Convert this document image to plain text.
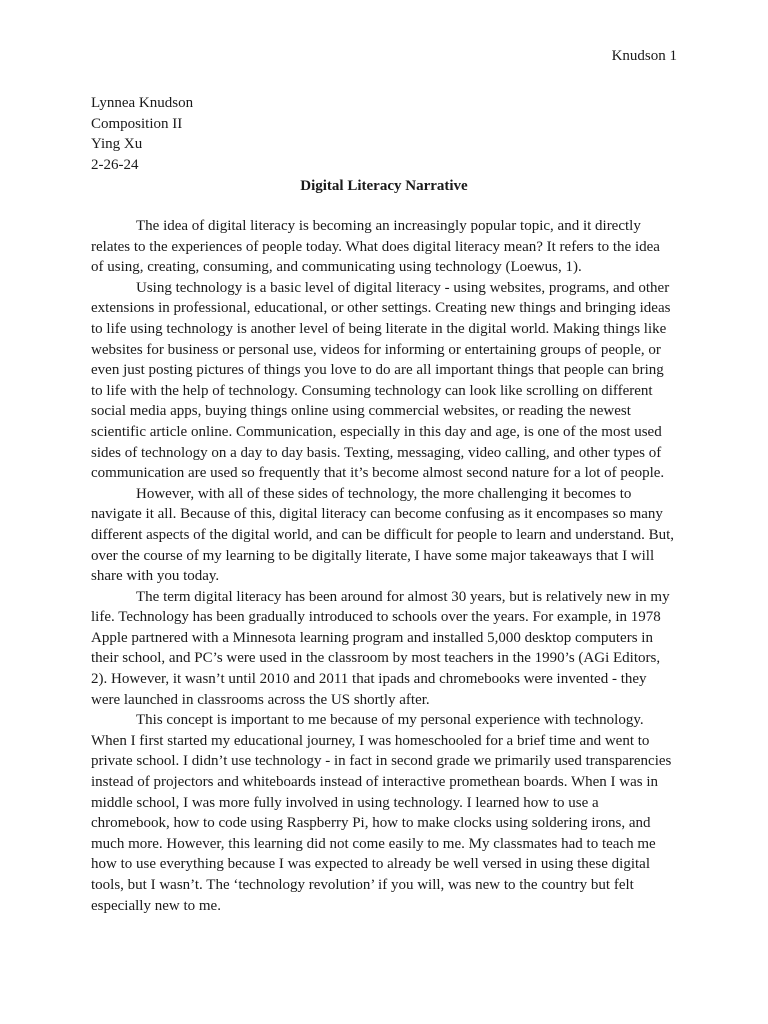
Knudson 1
Lynnea Knudson
Composition II
Ying Xu
2-26-24
Digital Literacy Narrative

The idea of digital literacy is becoming an increasingly popular topic, and it directly
relates to the experiences of people today. What does digital literacy mean? It refers to the idea
of using, creating, consuming, and communicating using technology (Loewus, 1).

Using technology is a basic level of digital literacy - using websites, programs, and other
extensions in professional, educational, or other settings. Creating new things and bringing ideas
to life using technology is another level of being literate in the digital world. Making things like
websites for business or personal use, videos for informing or entertaining groups of people, or
even just posting pictures of things you love to do are all important things that people can bring
to life with the help of technology. Consuming technology can look like scrolling on different
social media apps, buying things online using commercial websites, or reading the newest
scientific article online. Communication, especially in this day and age, is one of the most used
sides of technology on a day to day basis. Texting, messaging, video calling, and other types of
communication are used so frequently that it’s become almost second nature for a lot of people.

However, with all of these sides of technology, the more challenging it becomes to
navigate it all. Because of this, digital literacy can become confusing as it encompases so many
different aspects of the digital world, and can be difficult for people to learn and understand. But,
over the course of my learning to be digitally literate, I have some major takeaways that I will
share with you today.

The term digital literacy has been around for almost 30 years, but is relatively new in my
life. Technology has been gradually introduced to schools over the years. For example, in 1978
Apple partnered with a Minnesota learning program and installed 5,000 desktop computers in
their school, and PC’s were used in the classroom by most teachers in the 1990’s (AGi Editors,
2). However, it wasn’t until 2010 and 2011 that ipads and chromebooks were invented - they
were launched in classrooms across the US shortly after.

This concept is important to me because of my personal experience with technology.
When I first started my educational journey, I was homeschooled for a brief time and went to
private school. I didn’t use technology - in fact in second grade we primarily used transparencies
instead of projectors and whiteboards instead of interactive promethean boards. When I was in
middle school, I was more fully involved in using technology. I learned how to use a
chromebook, how to code using Raspberry Pi, how to make clocks using soldering irons, and
much more. However, this learning did not come easily to me. My classmates had to teach me
how to use everything because I was expected to already be well versed in using these digital
tools, but I wasn’t. The ‘technology revolution’ if you will, was new to the country but felt
especially new to me.
